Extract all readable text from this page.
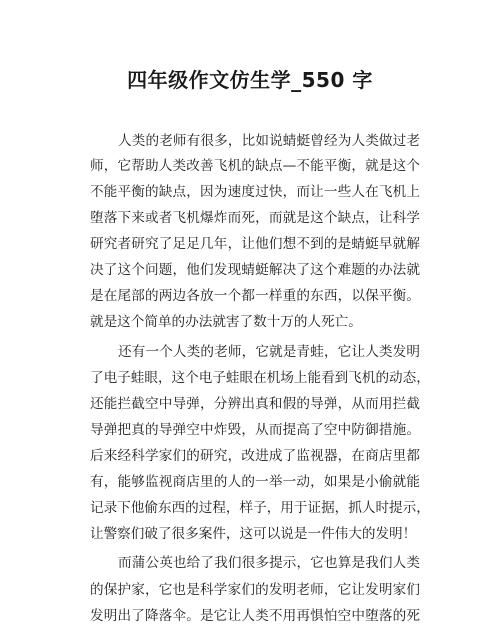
四年级作文仿生学_550 字
人类的老师有很多，比如说蜻蜓曾经为人类做过老
师，它帮助人类改善飞机的缺点—不能平衡，就是这个
不能平衡的缺点，因为速度过快，而让一些人在飞机上
堕落下来或者飞机爆炸而死，而就是这个缺点，让科学
研究者研究了足足几年，让他们想不到的是蜻蜓早就解
决了这个问题，他们发现蜻蜓解决了这个难题的办法就
是在尾部的两边各放一个都一样重的东西，以保平衡。
就是这个简单的办法就害了数十万的人死亡。
还有一个人类的老师，它就是青蛙，它让人类发明
了电子蛙眼，这个电子蛙眼在机场上能看到飞机的动态，
还能拦截空中导弹，分辨出真和假的导弹，从而用拦截
导弹把真的导弹空中炸毁，从而提高了空中防御措施。
后来经科学家们的研究，改进成了监视器，在商店里都
有，能够监视商店里的人的一举一动，如果是小偷就能
记录下他偷东西的过程，样子，用于证据，抓人时提示，
让警察们破了很多案件，这可以说是一件伟大的发明！
而蒲公英也给了我们很多提示，它也算是我们人类
的保护家，它也是科学家们的发明老师，它让发明家们
发明出了降落伞。是它让人类不用再惧怕空中堕落的死
